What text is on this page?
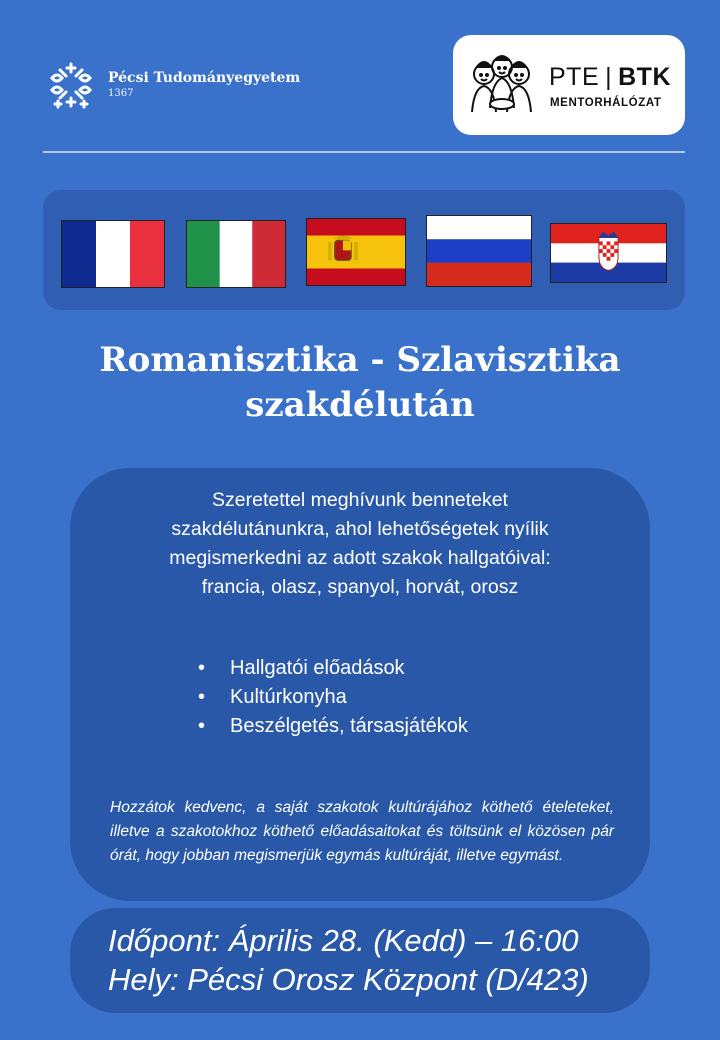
Pécsi Tudományegyetem
1367
PTE | BTK
MENTORHÁLÓZAT
Romanisztika - Szlavisztika
szakdélután
Szeretettel meghívunk benneteket
szakdélutánunkra, ahol lehetőségetek nyílik
megismerkedni az adott szakok hallgatóival:
francia, olasz, spanyol, horvát, orosz
• Hallgatói előadások
• Kultúrkonyha
• Beszélgetés, társasjátékok
Hozzátok kedvenc, a saját szakotok kultúrájához köthető ételeteket, illetve a szakotokhoz köthető előadásaitokat és töltsünk el közösen pár órát, hogy jobban megismerjük egymás kultúráját, illetve egymást.
Időpont: Április 28. (Kedd) – 16:00
Hely: Pécsi Orosz Központ (D/423)
